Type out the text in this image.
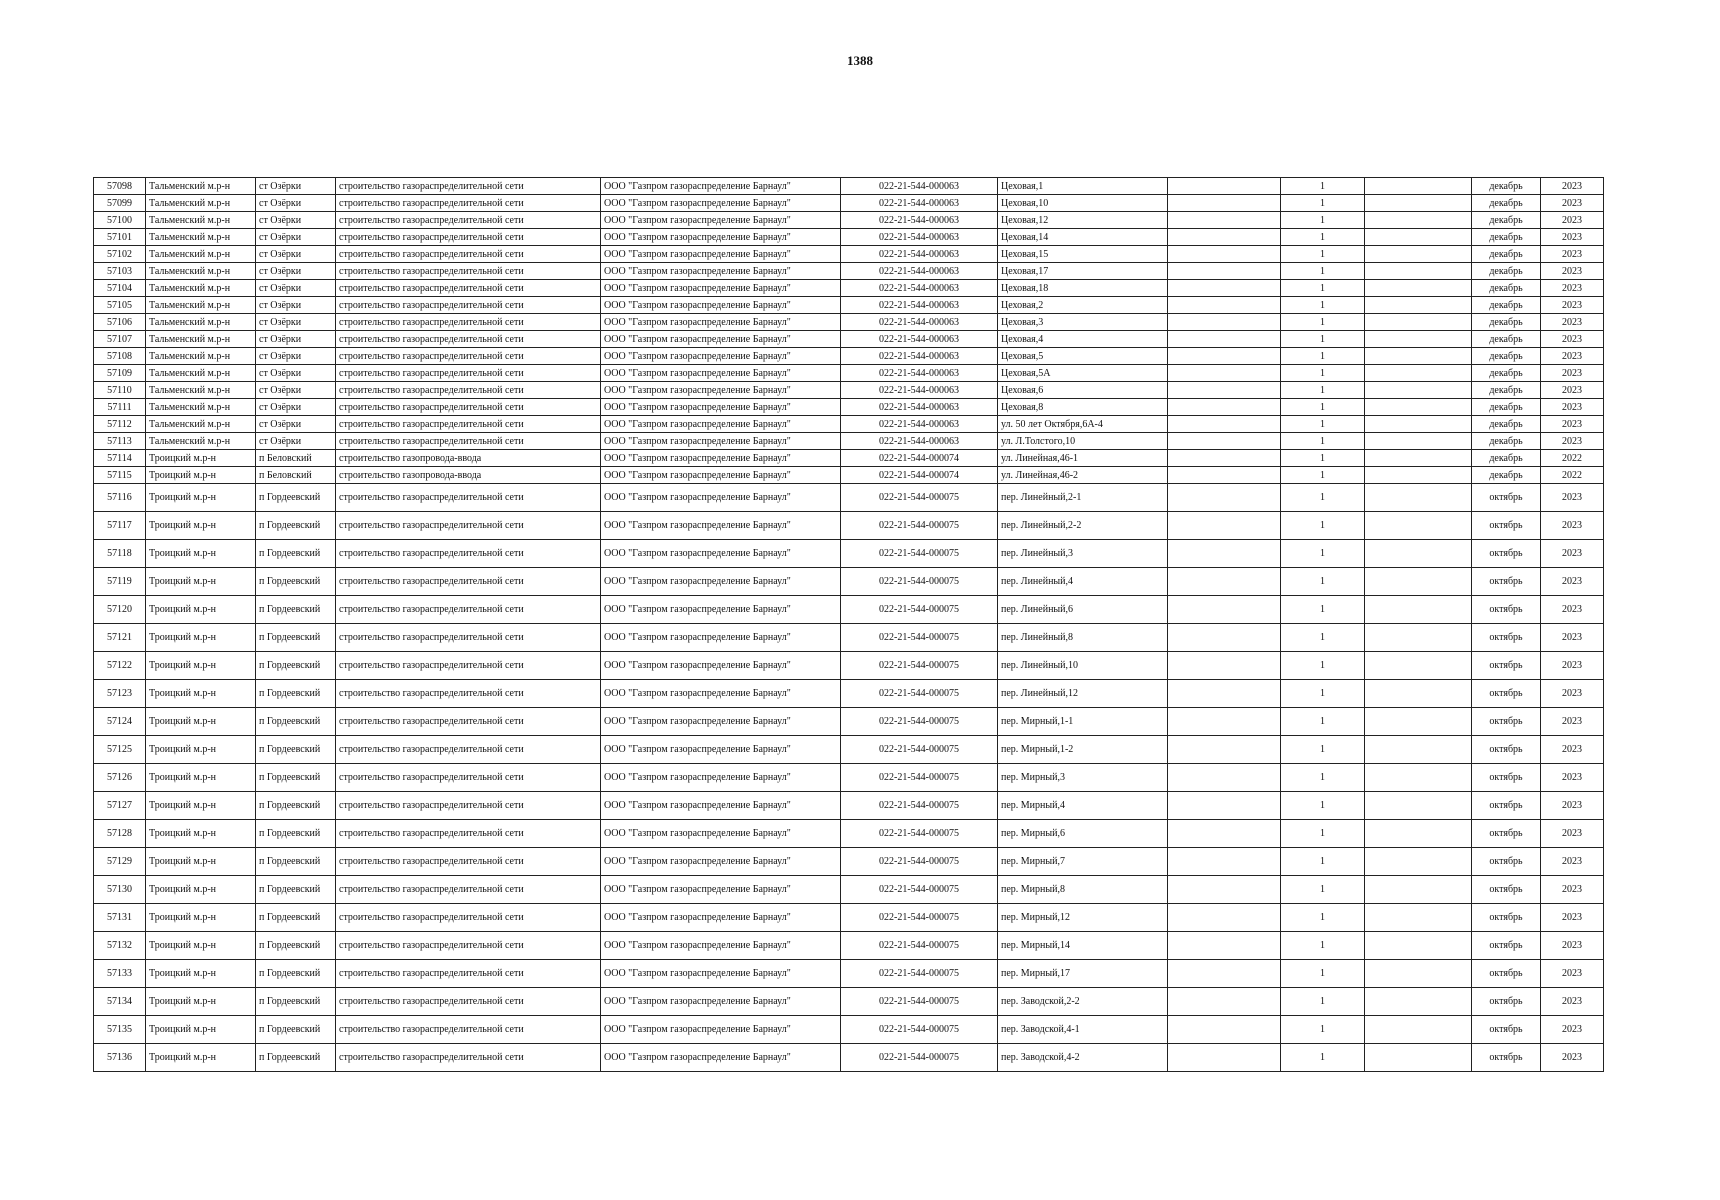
1388
57098	Тальменский м.р-н	ст Озёрки	строительство газораспределительной сети	ООО "Газпром газораспределение Барнаул"	022-21-544-000063	Цеховая,1		1		декабрь	2023
57099	Тальменский м.р-н	ст Озёрки	строительство газораспределительной сети	ООО "Газпром газораспределение Барнаул"	022-21-544-000063	Цеховая,10		1		декабрь	2023
57100	Тальменский м.р-н	ст Озёрки	строительство газораспределительной сети	ООО "Газпром газораспределение Барнаул"	022-21-544-000063	Цеховая,12		1		декабрь	2023
57101	Тальменский м.р-н	ст Озёрки	строительство газораспределительной сети	ООО "Газпром газораспределение Барнаул"	022-21-544-000063	Цеховая,14		1		декабрь	2023
57102	Тальменский м.р-н	ст Озёрки	строительство газораспределительной сети	ООО "Газпром газораспределение Барнаул"	022-21-544-000063	Цеховая,15		1		декабрь	2023
57103	Тальменский м.р-н	ст Озёрки	строительство газораспределительной сети	ООО "Газпром газораспределение Барнаул"	022-21-544-000063	Цеховая,17		1		декабрь	2023
57104	Тальменский м.р-н	ст Озёрки	строительство газораспределительной сети	ООО "Газпром газораспределение Барнаул"	022-21-544-000063	Цеховая,18		1		декабрь	2023
57105	Тальменский м.р-н	ст Озёрки	строительство газораспределительной сети	ООО "Газпром газораспределение Барнаул"	022-21-544-000063	Цеховая,2		1		декабрь	2023
57106	Тальменский м.р-н	ст Озёрки	строительство газораспределительной сети	ООО "Газпром газораспределение Барнаул"	022-21-544-000063	Цеховая,3		1		декабрь	2023
57107	Тальменский м.р-н	ст Озёрки	строительство газораспределительной сети	ООО "Газпром газораспределение Барнаул"	022-21-544-000063	Цеховая,4		1		декабрь	2023
57108	Тальменский м.р-н	ст Озёрки	строительство газораспределительной сети	ООО "Газпром газораспределение Барнаул"	022-21-544-000063	Цеховая,5		1		декабрь	2023
57109	Тальменский м.р-н	ст Озёрки	строительство газораспределительной сети	ООО "Газпром газораспределение Барнаул"	022-21-544-000063	Цеховая,5А		1		декабрь	2023
57110	Тальменский м.р-н	ст Озёрки	строительство газораспределительной сети	ООО "Газпром газораспределение Барнаул"	022-21-544-000063	Цеховая,6		1		декабрь	2023
57111	Тальменский м.р-н	ст Озёрки	строительство газораспределительной сети	ООО "Газпром газораспределение Барнаул"	022-21-544-000063	Цеховая,8		1		декабрь	2023
57112	Тальменский м.р-н	ст Озёрки	строительство газораспределительной сети	ООО "Газпром газораспределение Барнаул"	022-21-544-000063	ул. 50 лет Октября,6А-4		1		декабрь	2023
57113	Тальменский м.р-н	ст Озёрки	строительство газораспределительной сети	ООО "Газпром газораспределение Барнаул"	022-21-544-000063	ул. Л.Толстого,10		1		декабрь	2023
57114	Троицкий м.р-н	п Беловский	строительство газопровода-ввода	ООО "Газпром газораспределение Барнаул"	022-21-544-000074	ул. Линейная,46-1		1		декабрь	2022
57115	Троицкий м.р-н	п Беловский	строительство газопровода-ввода	ООО "Газпром газораспределение Барнаул"	022-21-544-000074	ул. Линейная,46-2		1		декабрь	2022
57116	Троицкий м.р-н	п Гордеевский	строительство газораспределительной сети	ООО "Газпром газораспределение Барнаул"	022-21-544-000075	пер. Линейный,2-1		1		октябрь	2023
57117	Троицкий м.р-н	п Гордеевский	строительство газораспределительной сети	ООО "Газпром газораспределение Барнаул"	022-21-544-000075	пер. Линейный,2-2		1		октябрь	2023
57118	Троицкий м.р-н	п Гордеевский	строительство газораспределительной сети	ООО "Газпром газораспределение Барнаул"	022-21-544-000075	пер. Линейный,3		1		октябрь	2023
57119	Троицкий м.р-н	п Гордеевский	строительство газораспределительной сети	ООО "Газпром газораспределение Барнаул"	022-21-544-000075	пер. Линейный,4		1		октябрь	2023
57120	Троицкий м.р-н	п Гордеевский	строительство газораспределительной сети	ООО "Газпром газораспределение Барнаул"	022-21-544-000075	пер. Линейный,6		1		октябрь	2023
57121	Троицкий м.р-н	п Гордеевский	строительство газораспределительной сети	ООО "Газпром газораспределение Барнаул"	022-21-544-000075	пер. Линейный,8		1		октябрь	2023
57122	Троицкий м.р-н	п Гордеевский	строительство газораспределительной сети	ООО "Газпром газораспределение Барнаул"	022-21-544-000075	пер. Линейный,10		1		октябрь	2023
57123	Троицкий м.р-н	п Гордеевский	строительство газораспределительной сети	ООО "Газпром газораспределение Барнаул"	022-21-544-000075	пер. Линейный,12		1		октябрь	2023
57124	Троицкий м.р-н	п Гордеевский	строительство газораспределительной сети	ООО "Газпром газораспределение Барнаул"	022-21-544-000075	пер. Мирный,1-1		1		октябрь	2023
57125	Троицкий м.р-н	п Гордеевский	строительство газораспределительной сети	ООО "Газпром газораспределение Барнаул"	022-21-544-000075	пер. Мирный,1-2		1		октябрь	2023
57126	Троицкий м.р-н	п Гордеевский	строительство газораспределительной сети	ООО "Газпром газораспределение Барнаул"	022-21-544-000075	пер. Мирный,3		1		октябрь	2023
57127	Троицкий м.р-н	п Гордеевский	строительство газораспределительной сети	ООО "Газпром газораспределение Барнаул"	022-21-544-000075	пер. Мирный,4		1		октябрь	2023
57128	Троицкий м.р-н	п Гордеевский	строительство газораспределительной сети	ООО "Газпром газораспределение Барнаул"	022-21-544-000075	пер. Мирный,6		1		октябрь	2023
57129	Троицкий м.р-н	п Гордеевский	строительство газораспределительной сети	ООО "Газпром газораспределение Барнаул"	022-21-544-000075	пер. Мирный,7		1		октябрь	2023
57130	Троицкий м.р-н	п Гордеевский	строительство газораспределительной сети	ООО "Газпром газораспределение Барнаул"	022-21-544-000075	пер. Мирный,8		1		октябрь	2023
57131	Троицкий м.р-н	п Гордеевский	строительство газораспределительной сети	ООО "Газпром газораспределение Барнаул"	022-21-544-000075	пер. Мирный,12		1		октябрь	2023
57132	Троицкий м.р-н	п Гордеевский	строительство газораспределительной сети	ООО "Газпром газораспределение Барнаул"	022-21-544-000075	пер. Мирный,14		1		октябрь	2023
57133	Троицкий м.р-н	п Гордеевский	строительство газораспределительной сети	ООО "Газпром газораспределение Барнаул"	022-21-544-000075	пер. Мирный,17		1		октябрь	2023
57134	Троицкий м.р-н	п Гордеевский	строительство газораспределительной сети	ООО "Газпром газораспределение Барнаул"	022-21-544-000075	пер. Заводской,2-2		1		октябрь	2023
57135	Троицкий м.р-н	п Гордеевский	строительство газораспределительной сети	ООО "Газпром газораспределение Барнаул"	022-21-544-000075	пер. Заводской,4-1		1		октябрь	2023
57136	Троицкий м.р-н	п Гордеевский	строительство газораспределительной сети	ООО "Газпром газораспределение Барнаул"	022-21-544-000075	пер. Заводской,4-2		1		октябрь	2023
